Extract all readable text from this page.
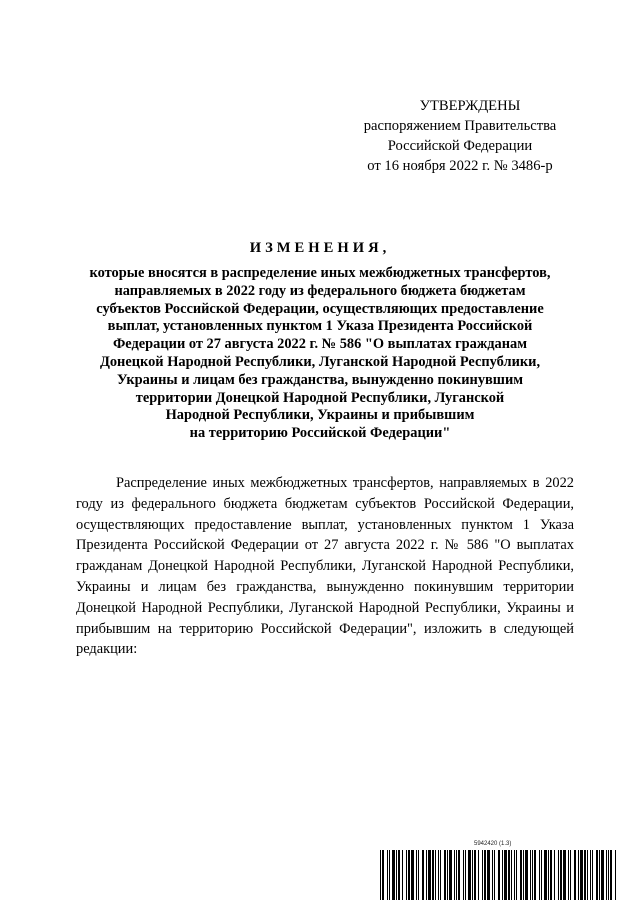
УТВЕРЖДЕНЫ
распоряжением Правительства
Российской Федерации
от 16 ноября 2022 г. № 3486-р
ИЗМЕНЕНИЯ,
которые вносятся в распределение иных межбюджетных трансфертов,
направляемых в 2022 году из федерального бюджета бюджетам
субъектов Российской Федерации, осуществляющих предоставление
выплат, установленных пунктом 1 Указа Президента Российской
Федерации от 27 августа 2022 г. № 586 "О выплатах гражданам
Донецкой Народной Республики, Луганской Народной Республики,
Украины и лицам без гражданства, вынужденно покинувшим
территории Донецкой Народной Республики, Луганской
Народной Республики, Украины и прибывшим
на территорию Российской Федерации"
Распределение иных межбюджетных трансфертов, направляемых в 2022 году из федерального бюджета бюджетам субъектов Российской Федерации, осуществляющих предоставление выплат, установленных пунктом 1 Указа Президента Российской Федерации от 27 августа 2022 г. № 586 "О выплатах гражданам Донецкой Народной Республики, Луганской Народной Республики, Украины и лицам без гражданства, вынужденно покинувшим территории Донецкой Народной Республики, Луганской Народной Республики, Украины и прибывшим на территорию Российской Федерации", изложить в следующей редакции:
5942420 (1.3)
